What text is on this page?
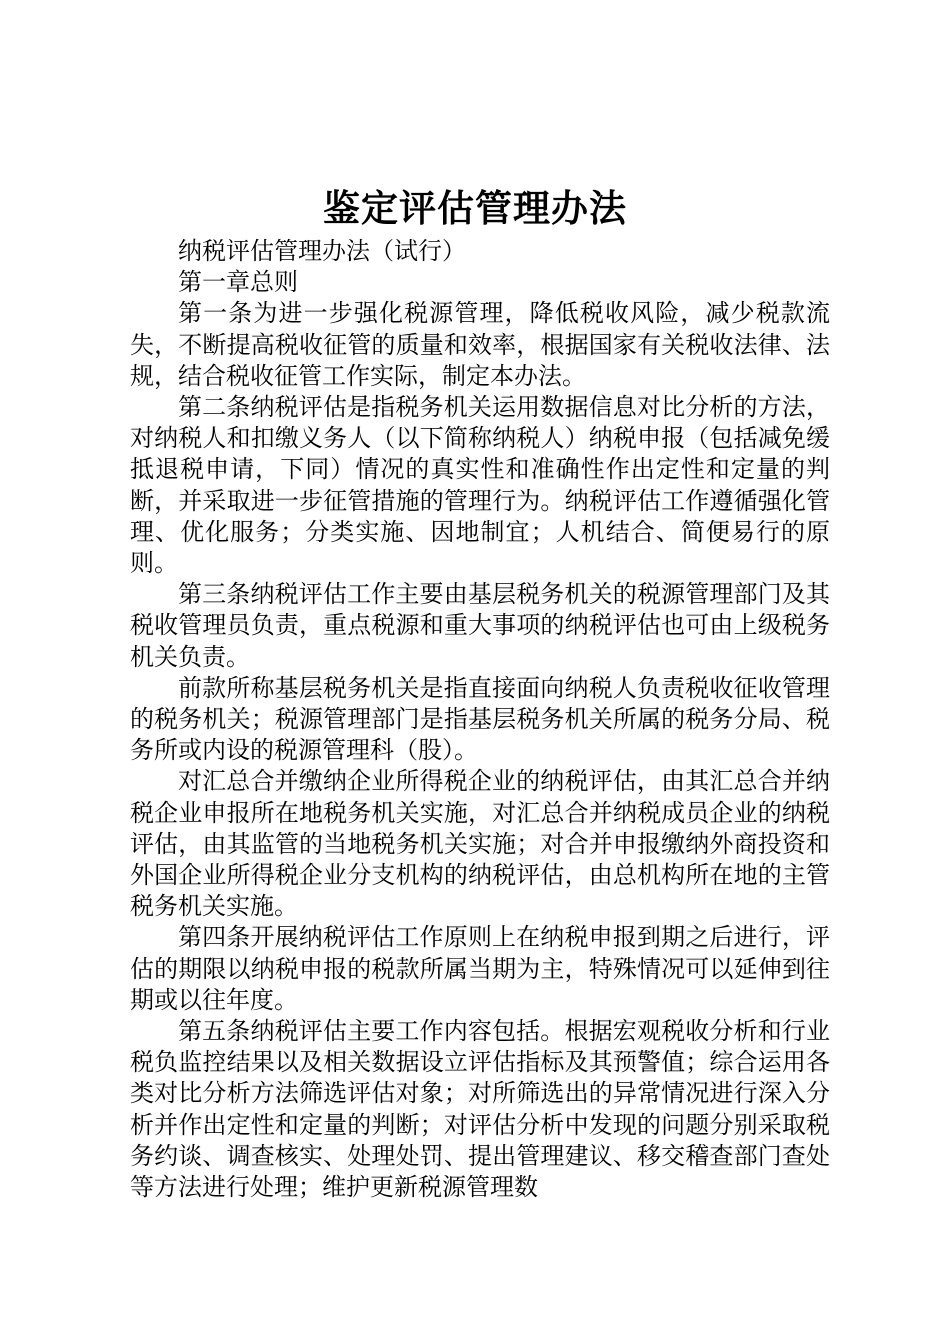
鉴定评估管理办法

纳税评估管理办法（试行）

第一章总则

第一条为进一步强化税源管理，降低税收风险，减少税款流失，不断提高税收征管的质量和效率，根据国家有关税收法律、法规，结合税收征管工作实际，制定本办法。

第二条纳税评估是指税务机关运用数据信息对比分析的方法，对纳税人和扣缴义务人（以下简称纳税人）纳税申报（包括减免缓抵退税申请，下同）情况的真实性和准确性作出定性和定量的判断，并采取进一步征管措施的管理行为。纳税评估工作遵循强化管理、优化服务；分类实施、因地制宜；人机结合、简便易行的原则。

第三条纳税评估工作主要由基层税务机关的税源管理部门及其税收管理员负责，重点税源和重大事项的纳税评估也可由上级税务机关负责。

前款所称基层税务机关是指直接面向纳税人负责税收征收管理的税务机关；税源管理部门是指基层税务机关所属的税务分局、税务所或内设的税源管理科（股）。

对汇总合并缴纳企业所得税企业的纳税评估，由其汇总合并纳税企业申报所在地税务机关实施，对汇总合并纳税成员企业的纳税评估，由其监管的当地税务机关实施；对合并申报缴纳外商投资和外国企业所得税企业分支机构的纳税评估，由总机构所在地的主管税务机关实施。

第四条开展纳税评估工作原则上在纳税申报到期之后进行，评估的期限以纳税申报的税款所属当期为主，特殊情况可以延伸到往期或以往年度。

第五条纳税评估主要工作内容包括。根据宏观税收分析和行业税负监控结果以及相关数据设立评估指标及其预警值；综合运用各类对比分析方法筛选评估对象；对所筛选出的异常情况进行深入分析并作出定性和定量的判断；对评估分析中发现的问题分别采取税务约谈、调查核实、处理处罚、提出管理建议、移交稽查部门查处等方法进行处理；维护更新税源管理数
